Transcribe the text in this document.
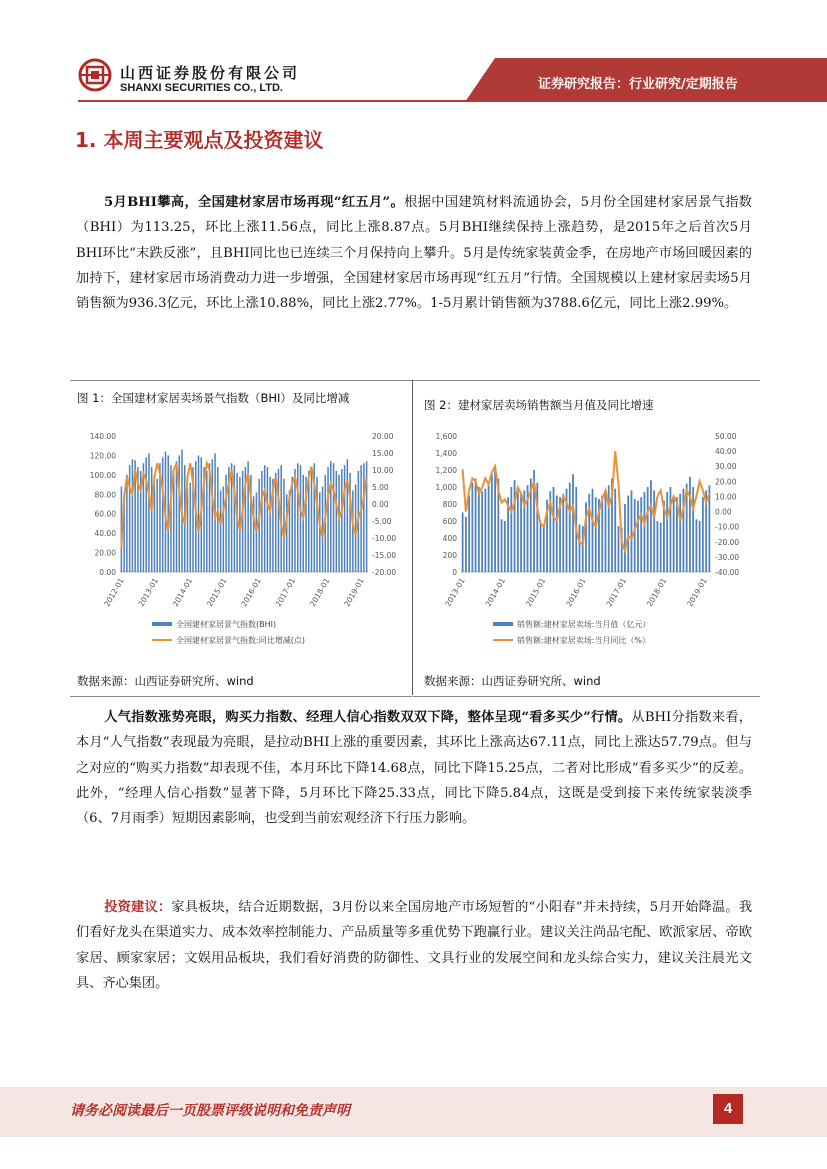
山西证券股份有限公司
SHANXI SECURITIES CO., LTD.	证券研究报告：行业研究/定期报告
1. 本周主要观点及投资建议

5月BHI攀高，全国建材家居市场再现“红五月”。根据中国建筑材料流通协会，5月份全国建材家居景气指数（BHI）为113.25，环比上涨11.56点，同比上涨8.87点。5月BHI继续保持上涨趋势，是2015年之后首次5月BHI环比“末跌反涨”，且BHI同比也已连续三个月保持向上攀升。5月是传统家装黄金季，在房地产市场回暖因素的加持下，建材家居市场消费动力进一步增强，全国建材家居市场再现“红五月”行情。全国规模以上建材家居卖场5月销售额为936.3亿元，环比上涨10.88%，同比上涨2.77%。1-5月累计销售额为3788.6亿元，同比上涨2.99%。

图 1：全国建材家居卖场景气指数（BHI）及同比增减	图 2：建材家居卖场销售额当月值及同比增速
0.00
20.00
40.00
60.00
80.00
100.00
120.00
140.00
-20.00
-15.00
-10.00
-5.00
0.00
5.00
10.00
15.00
20.00
2012-01 2013-01 2014-01 2015-01 2016-01 2017-01 2018-01 2019-01
全国建材家居景气指数(BHI)
全国建材家居景气指数:同比增减(点)
0
200
400
600
800
1,000
1,200
1,400
1,600
-40.00
-30.00
-20.00
-10.00
0.00
10.00
20.00
30.00
40.00
50.00
2013-01 2014-01 2015-01 2016-01 2017-01 2018-01 2019-01
销售额:建材家居卖场:当月值（亿元）
销售额:建材家居卖场:当月同比（%）
数据来源：山西证券研究所、wind	数据来源：山西证券研究所、wind

人气指数涨势亮眼，购买力指数、经理人信心指数双双下降，整体呈现“看多买少”行情。从BHI分指数来看，本月“人气指数”表现最为亮眼，是拉动BHI上涨的重要因素，其环比上涨高达67.11点，同比上涨达57.79点。但与之对应的“购买力指数”却表现不佳，本月环比下降14.68点，同比下降15.25点，二者对比形成“看多买少”的反差。此外，“经理人信心指数”显著下降，5月环比下降25.33点，同比下降5.84点，这既是受到接下来传统家装淡季（6、7月雨季）短期因素影响，也受到当前宏观经济下行压力影响。

投资建议：家具板块，结合近期数据，3月份以来全国房地产市场短暂的“小阳春”并未持续，5月开始降温。我们看好龙头在渠道实力、成本效率控制能力、产品质量等多重优势下跑赢行业。建议关注尚品宅配、欧派家居、帝欧家居、顾家家居；文娱用品板块，我们看好消费的防御性、文具行业的发展空间和龙头综合实力，建议关注晨光文具、齐心集团。

请务必阅读最后一页股票评级说明和免责声明	4
